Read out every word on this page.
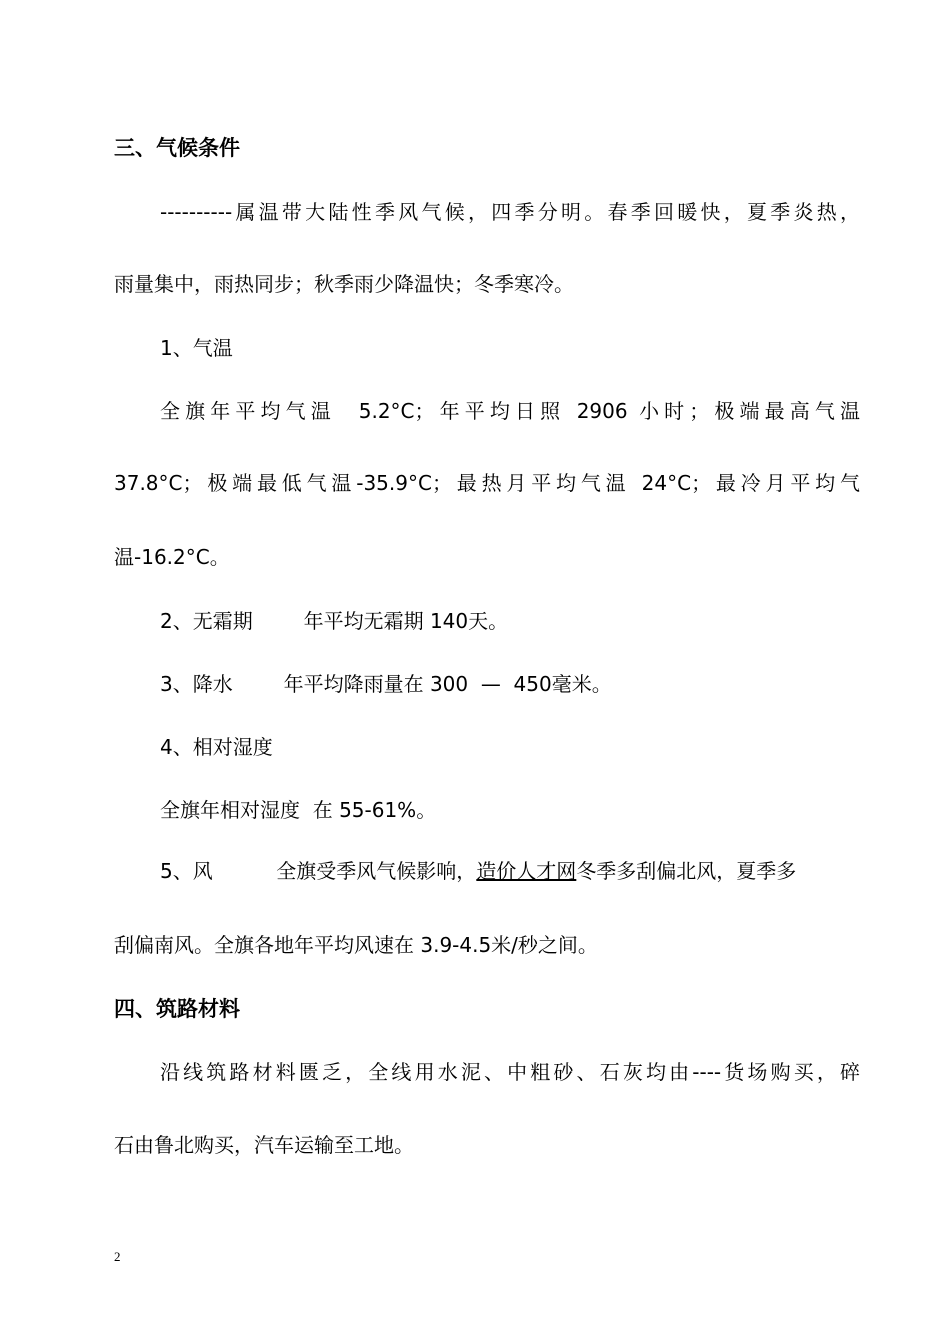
三、气候条件
----------属温带大陆性季风气候，四季分明。春季回暖快，夏季炎热，
雨量集中，雨热同步；秋季雨少降温快；冬季寒冷。
1、气温
全旗年平均气温  5.2°C；年平均日照 2906 小时；极端最高气温
37.8°C；极端最低气温-35.9°C；最热月平均气温 24°C；最冷月平均气
温-16.2°C。
2、无霜期        年平均无霜期 140天。
3、降水        年平均降雨量在 300  —  450毫米。
4、相对湿度
全旗年相对湿度  在 55-61%。
5、风          全旗受季风气候影响，造价人才网冬季多刮偏北风，夏季多
刮偏南风。全旗各地年平均风速在 3.9-4.5米/秒之间。
四、筑路材料
沿线筑路材料匮乏，全线用水泥、中粗砂、石灰均由----货场购买，碎
石由鲁北购买，汽车运输至工地。
2
